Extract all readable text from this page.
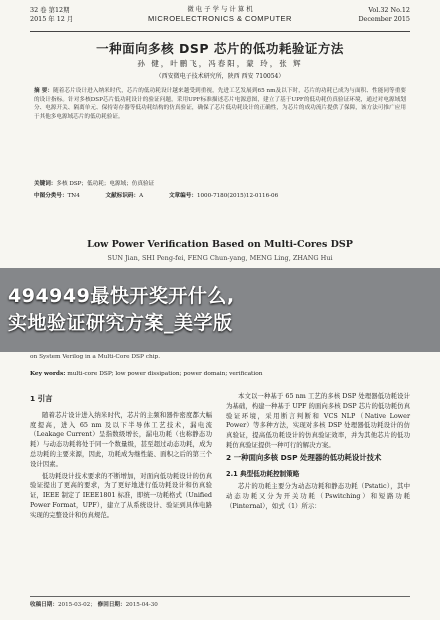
32 卷 第12期
2015 年 12 月
微 电 子 学 与 计 算 机
MICROELECTRONICS & COMPUTER
Vol.32 No.12
December 2015
一种面向多核 DSP 芯片的低功耗验证方法
孙 健，叶鹏飞，冯春阳，蒙 玲，张 辉
（西安微电子技术研究所，陕西 西安 710054）
摘 要：随着芯片设计进入纳米时代，芯片的低功耗设计越来越受到重视，先进工艺发展到65 nm及以下时，芯片的功耗已成为与面积、性能同等重要的设计指标。针对多核DSP芯片低功耗设计的验证问题，采用UPF标准描述芯片电源意图，建立了基于UPF的低功耗仿真验证环境，通过对电源域划分、电源开关、隔离单元、保持寄存器等低功耗结构的仿真验证，确保了芯片低功耗设计的正确性，为芯片的成功流片提供了保障，该方法可推广应用于其他多电源域芯片的低功耗验证。
关键词：多核 DSP；低功耗；电源域；仿真验证
中图分类号：TN4	文献标识码：A	文章编号：1000-7180(2015)12-0116-06
Low Power Verification Based on Multi-Cores DSP
SUN Jian, SHI Peng-fei, FENG Chun-yang, MENG Ling, ZHANG Hui
494949最快开奖开什么,
实地验证研究方案_美学版
on System Verilog in a Multi-Core DSP chip.
Key words: multi-core DSP; low power dissipation; power domain; verification
1 引言

随着芯片设计进入纳米时代，芯片的主频和器件密度都大幅度提高，进入 65 nm 及以下半导体工艺技术，漏电流（Leakage Current）呈指数级增长，漏电功耗（也称静态功耗）与动态功耗将处于同一个数量级，甚至超过动态功耗，成为总功耗的主要来源，因此，功耗成为继性能、面积之后的第三个设计因素。

低功耗设计技术要求的不断增加，对面向低功耗设计的仿真验证提出了更高的要求，为了更好地进行低功耗设计和仿真验证，IEEE 制定了 IEEE1801 标准，即统一功耗格式（Unified Power Format，UPF），建立了从系统设计、验证到具体电路实现的完整设计和仿真规范。

本文以一种基于 65 nm 工艺的多核 DSP 处理器低功耗设计为基础，构建一种基于 UPF 的面向多核 DSP 芯片的低功耗仿真验证环境，采用断言判断和 VCS NLP（Native Lower Power）等多种方法，实现对多核 DSP 处理器低功耗设计的仿真验证，提高低功耗设计的仿真验证效率，并为其他芯片的低功耗仿真验证提供一种可行的解决方案。

2 一种面向多核 DSP 处理器的低功耗设计技术
2.1 典型低功耗控制策略

芯片的功耗主要分为动态功耗和静态功耗（Pstatic），其中动态功耗又分为开关功耗（Pswitching）和短路功耗（Pinternal），如式（1）所示：

收稿日期：2015-03-02； 修回日期：2015-04-30
